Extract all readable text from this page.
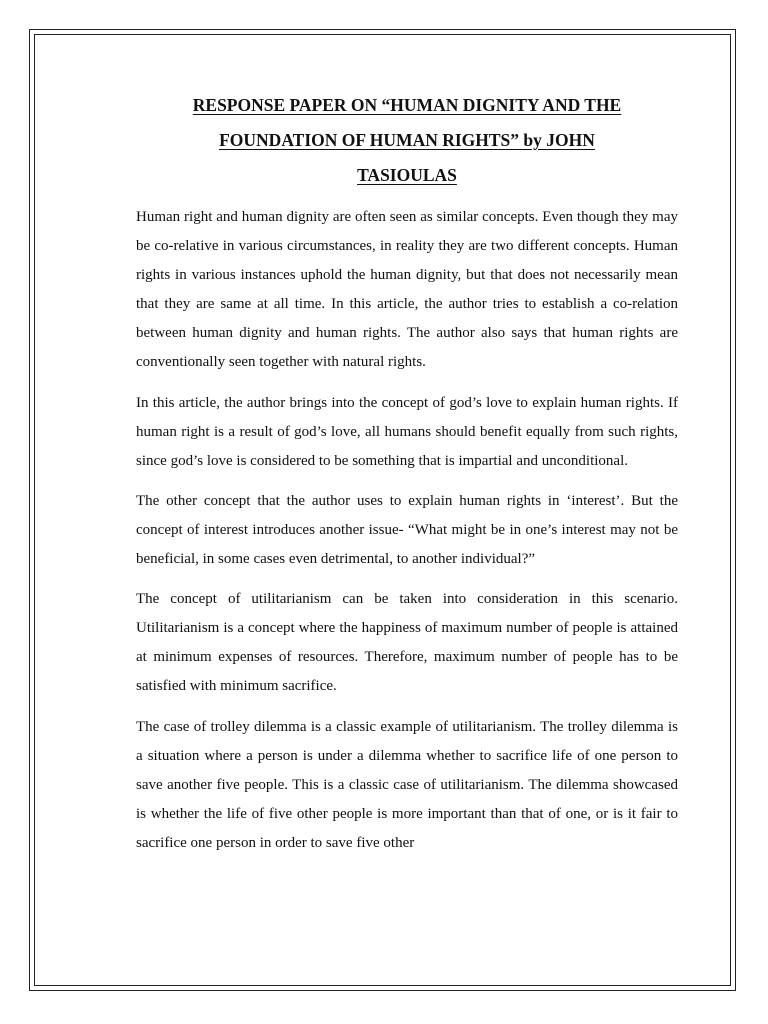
RESPONSE PAPER ON “HUMAN DIGNITY AND THE
FOUNDATION OF HUMAN RIGHTS” by JOHN
TASIOULAS

Human right and human dignity are often seen as similar concepts. Even though they may be co-relative in various circumstances, in reality they are two different concepts. Human rights in various instances uphold the human dignity, but that does not necessarily mean that they are same at all time. In this article, the author tries to establish a co-relation between human dignity and human rights. The author also says that human rights are conventionally seen together with natural rights.

In this article, the author brings into the concept of god’s love to explain human rights. If human right is a result of god’s love, all humans should benefit equally from such rights, since god’s love is considered to be something that is impartial and unconditional.

The other concept that the author uses to explain human rights in ‘interest’. But the concept of interest introduces another issue- “What might be in one’s interest may not be beneficial, in some cases even detrimental, to another individual?”

The concept of utilitarianism can be taken into consideration in this scenario. Utilitarianism is a concept where the happiness of maximum number of people is attained at minimum expenses of resources. Therefore, maximum number of people has to be satisfied with minimum sacrifice.

The case of trolley dilemma is a classic example of utilitarianism. The trolley dilemma is a situation where a person is under a dilemma whether to sacrifice life of one person to save another five people. This is a classic case of utilitarianism. The dilemma showcased is whether the life of five other people is more important than that of one, or is it fair to sacrifice one person in order to save five other
